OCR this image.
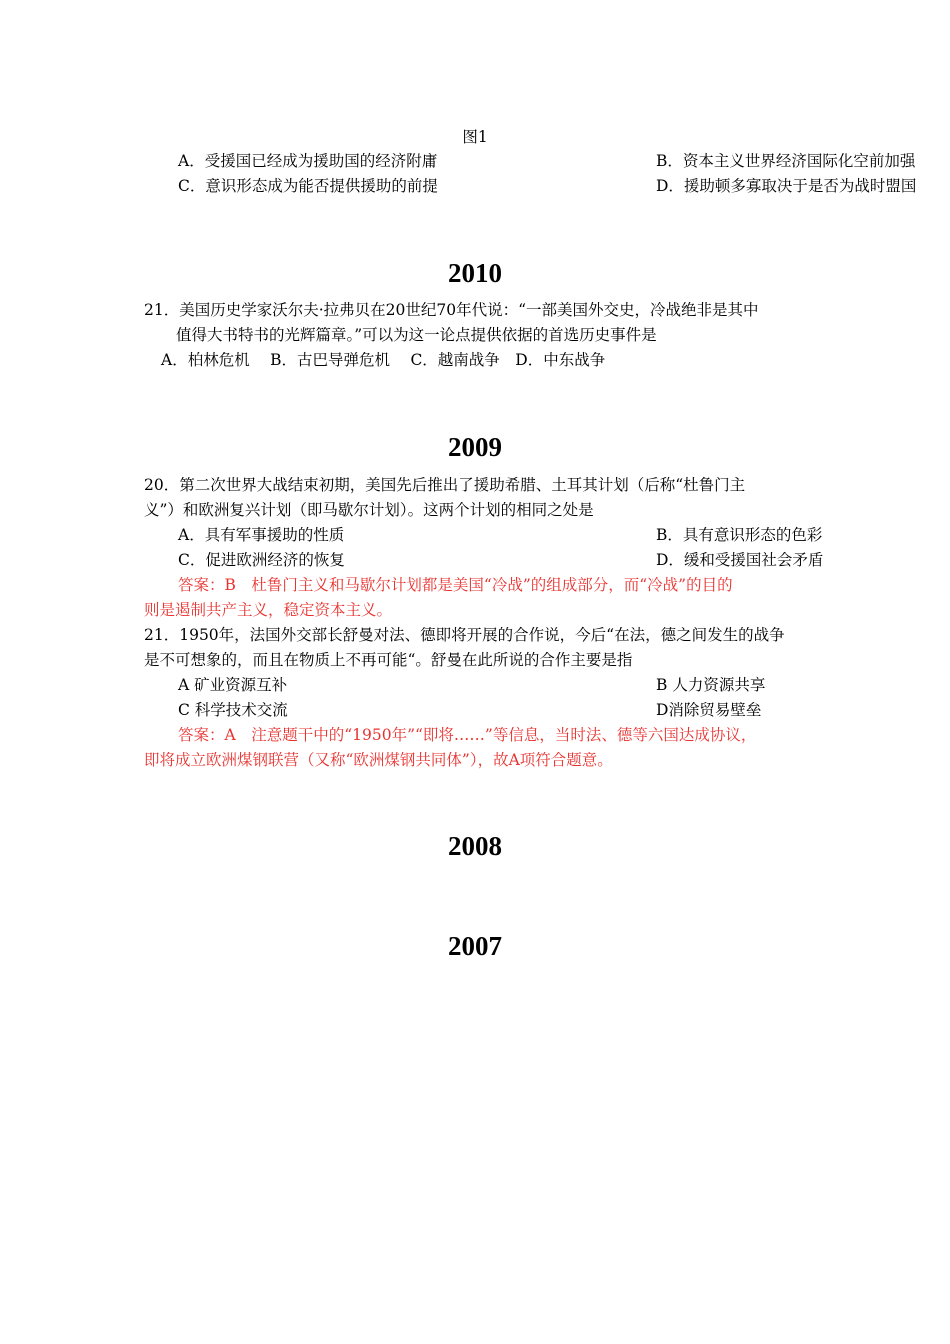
图1
A．受援国已经成为援助国的经济附庸	B．资本主义世界经济国际化空前加强
C．意识形态成为能否提供援助的前提	D．援助顿多寡取决于是否为战时盟国
2010
21．美国历史学家沃尔夫·拉弗贝在20世纪70年代说：“一部美国外交史，冷战绝非是其中
值得大书特书的光辉篇章。”可以为这一论点提供依据的首选历史事件是
A．柏林危机　 B．古巴导弹危机　 C．越南战争　D．中东战争
2009
20．第二次世界大战结束初期，美国先后推出了援助希腊、土耳其计划（后称“杜鲁门主
义”）和欧洲复兴计划（即马歇尔计划）。这两个计划的相同之处是
A．具有军事援助的性质	B．具有意识形态的色彩
C．促进欧洲经济的恢复	D．缓和受援国社会矛盾
答案：B　杜鲁门主义和马歇尔计划都是美国“冷战”的组成部分，而“冷战”的目的
则是遏制共产主义，稳定资本主义。
21．1950年，法国外交部长舒曼对法、德即将开展的合作说，今后“在法，德之间发生的战争
是不可想象的，而且在物质上不再可能“。舒曼在此所说的合作主要是指
A 矿业资源互补	B 人力资源共享
C 科学技术交流	D消除贸易壁垒
答案：A　注意题干中的“1950年”“即将……”等信息，当时法、德等六国达成协议，
即将成立欧洲煤钢联营（又称“欧洲煤钢共同体”），故A项符合题意。
2008
2007
